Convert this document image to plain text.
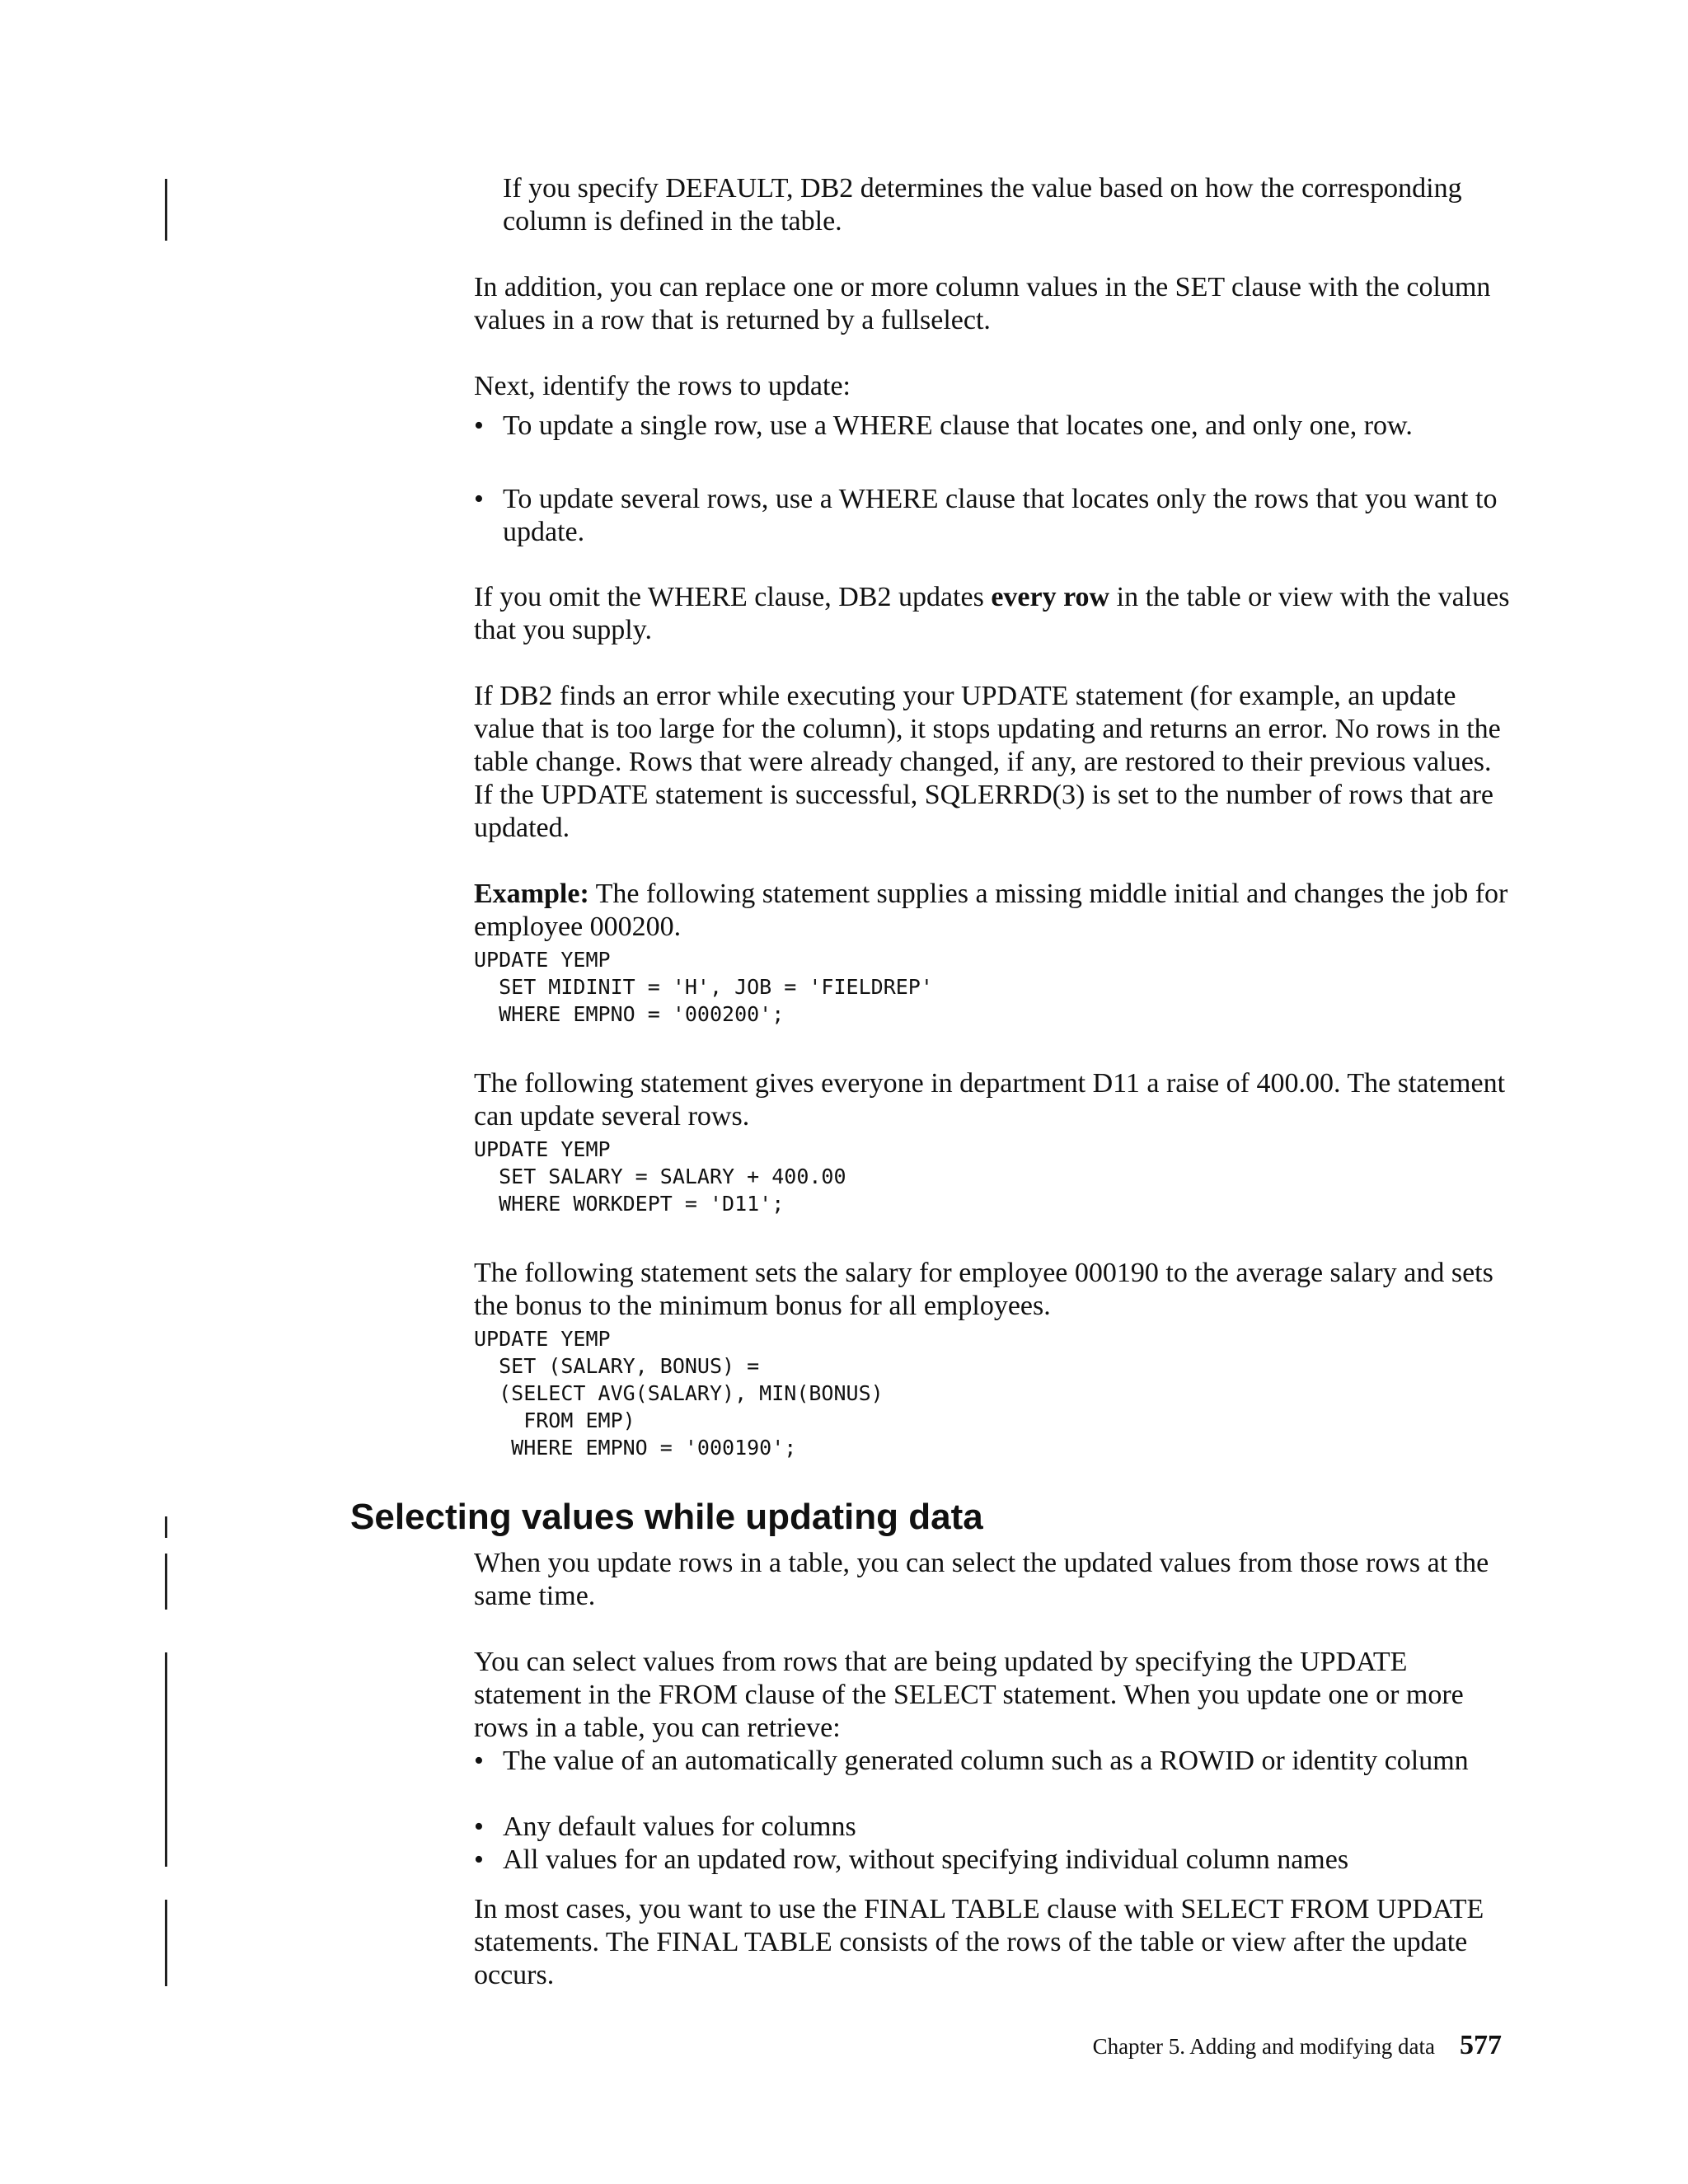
If you specify DEFAULT, DB2 determines the value based on how the corresponding column is defined in the table.

In addition, you can replace one or more column values in the SET clause with the column values in a row that is returned by a fullselect.

Next, identify the rows to update:

• To update a single row, use a WHERE clause that locates one, and only one, row.
• To update several rows, use a WHERE clause that locates only the rows that you want to update.

If you omit the WHERE clause, DB2 updates every row in the table or view with the values that you supply.

If DB2 finds an error while executing your UPDATE statement (for example, an update value that is too large for the column), it stops updating and returns an error. No rows in the table change. Rows that were already changed, if any, are restored to their previous values. If the UPDATE statement is successful, SQLERRD(3) is set to the number of rows that are updated.

Example: The following statement supplies a missing middle initial and changes the job for employee 000200.

UPDATE YEMP
SET MIDINIT = 'H', JOB = 'FIELDREP'
WHERE EMPNO = '000200';

The following statement gives everyone in department D11 a raise of 400.00. The statement can update several rows.

UPDATE YEMP
SET SALARY = SALARY + 400.00
WHERE WORKDEPT = 'D11';

The following statement sets the salary for employee 000190 to the average salary and sets the bonus to the minimum bonus for all employees.

UPDATE YEMP
SET (SALARY, BONUS) =
(SELECT AVG(SALARY), MIN(BONUS)
FROM EMP)
WHERE EMPNO = '000190';
Selecting values while updating data

When you update rows in a table, you can select the updated values from those rows at the same time.

You can select values from rows that are being updated by specifying the UPDATE statement in the FROM clause of the SELECT statement. When you update one or more rows in a table, you can retrieve:

• The value of an automatically generated column such as a ROWID or identity column
• Any default values for columns
• All values for an updated row, without specifying individual column names

In most cases, you want to use the FINAL TABLE clause with SELECT FROM UPDATE statements. The FINAL TABLE consists of the rows of the table or view after the update occurs.

Chapter 5. Adding and modifying data 577
